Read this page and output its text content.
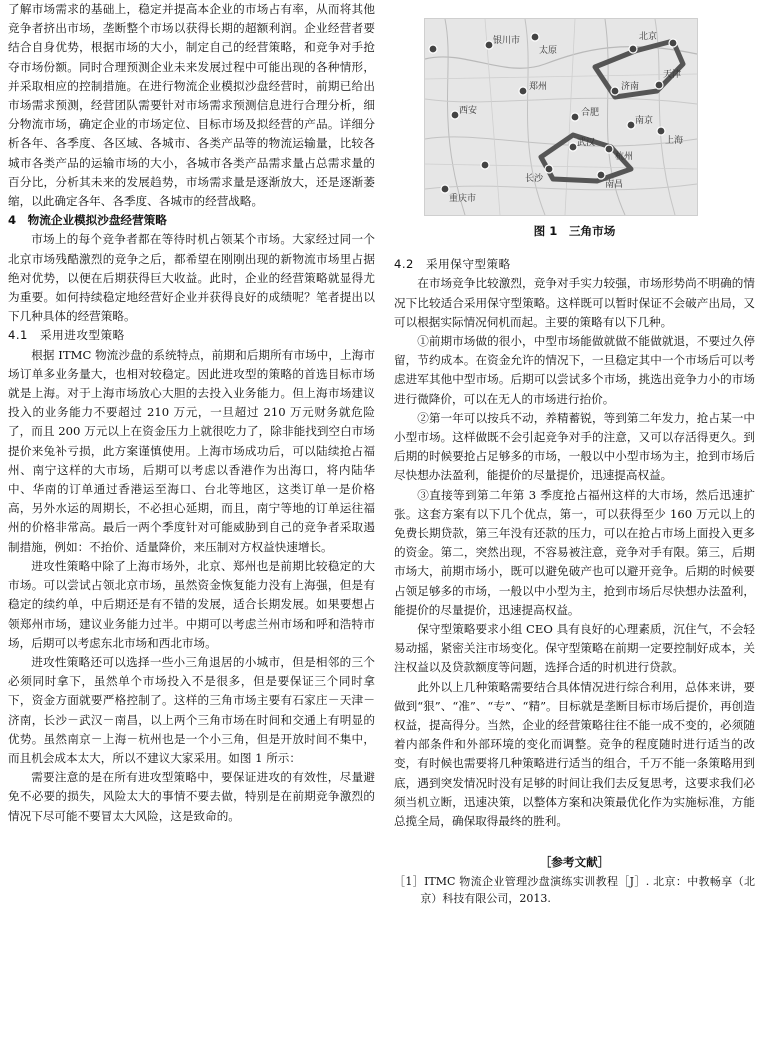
了解市场需求的基础上，稳定并提高本企业的市场占有率，从而将其他竞争者挤出市场，垄断整个市场以获得长期的超额利润。企业经营者要结合自身优势，根据市场的大小，制定自己的经营策略，和竞争对手抢夺市场份额。同时合理预测企业未来发展过程中可能出现的各种情形，并采取相应的控制措施。在进行物流企业模拟沙盘经营时，前期已给出市场需求预测，经营团队需要针对市场需求预测信息进行合理分析，细分物流市场，确定企业的市场定位、目标市场及拟经营的产品。详细分析各年、各季度、各区域、各城市、各类产品等的物流运输量，比较各城市各类产品的运输市场的大小，各城市各类产品需求量占总需求量的百分比，分析其未来的发展趋势，市场需求量是逐渐放大，还是逐渐萎缩，以此确定各年、各季度、各城市的经营战略。

4　物流企业模拟沙盘经营策略

市场上的每个竞争者都在等待时机占领某个市场。大家经过同一个北京市场残酷激烈的竞争之后，都希望在刚刚出现的新物流市场里占据绝对优势，以便在后期获得巨大收益。此时，企业的经营策略就显得尤为重要。如何持续稳定地经营好企业并获得良好的成绩呢？笔者提出以下几种具体的经营策略。

4.1　采用进攻型策略

根据 ITMC 物流沙盘的系统特点，前期和后期所有市场中，上海市场订单多业务量大，也相对较稳定。因此进攻型的策略的首选目标市场就是上海。对于上海市场放心大胆的去投入业务能力。但上海市场建议投入的业务能力不要超过 210 万元，一旦超过 210 万元财务就危险了，而且 200 万元以上在资金压力上就很吃力了，除非能找到空白市场提价来兔补亏损，此方案谨慎使用。上海市场成功后，可以陆续抢占福州、南宁这样的大市场，后期可以考虑以香港作为出海口，将内陆华中、华南的订单通过香港运至海口、台北等地区，这类订单一是价格高，另外水运的周期长，不必担心延期，而且，南宁等地的订单运往福州的价格非常高。最后一两个季度针对可能威胁到自己的竞争者采取遏制措施，例如：不抬价、适量降价，来压制对方权益快速增长。

进攻性策略中除了上海市场外，北京、郑州也是前期比较稳定的大市场。可以尝试占领北京市场，虽然资金恢复能力没有上海强，但是有稳定的续约单，中后期还是有不错的发展，适合长期发展。如果要想占领郑州市场，建议业务能力过半。中期可以考虑兰州市场和呼和浩特市场，后期可以考虑东北市场和西北市场。

进攻性策略还可以选择一些小三角退居的小城市，但是相邻的三个必须同时拿下，虽然单个市场投入不是很多，但是要保证三个同时拿下，资金方面就要严格控制了。这样的三角市场主要有石家庄－天津－济南，长沙－武汉－南昌，以上两个三角市场在时间和交通上有明显的优势。虽然南京－上海－杭州也是一个小三角，但是开放时间不集中，而且机会成本太大，所以不建议大家采用。如图 1 所示：

需要注意的是在所有进攻型策略中，要保证进攻的有效性，尽量避免不必要的损失，风险太大的事情不要去做，特别是在前期竞争激烈的情况下尽可能不要冒太大风险，这是致命的。

银川市
太原
北京
天津
郑州	济南
西安	合肥
南京
上海
武汉
杭州
长沙
南昌
重庆市

图 1　三角市场

4.2　采用保守型策略

在市场竞争比较激烈，竞争对手实力较强，市场形势尚不明确的情况下比较适合采用保守型策略。这样既可以暂时保证不会破产出局，又可以根据实际情况伺机而起。主要的策略有以下几种。

①前期市场做的很小，中型市场能做就做不能做就退，不要过久停留，节约成本。在资金允许的情况下，一旦稳定其中一个市场后可以考虑进军其他中型市场。后期可以尝试多个市场，挑选出竞争力小的市场进行微降价，可以在无人的市场进行抬价。

②第一年可以按兵不动，养精蓄锐，等到第二年发力，抢占某一中小型市场。这样做既不会引起竞争对手的注意，又可以存活得更久。到后期的时候要抢占足够多的市场，一般以中小型市场为主，抢到市场后尽快想办法盈利，能提价的尽量提价，迅速提高权益。

③直接等到第二年第 3 季度抢占福州这样的大市场，然后迅速扩张。这套方案有以下几个优点，第一，可以获得至少 160 万元以上的免费长期贷款，第三年没有还款的压力，可以在抢占市场上面投入更多的资金。第二，突然出现，不容易被注意，竞争对手有限。第三，后期市场大，前期市场小，既可以避免破产也可以避开竞争。后期的时候要占领足够多的市场，一般以中小型为主，抢到市场后尽快想办法盈利，能提价的尽量提价，迅速提高权益。

保守型策略要求小组 CEO 具有良好的心理素质，沉住气，不会轻易动摇，紧密关注市场变化。保守型策略在前期一定要控制好成本，关注权益以及贷款额度等问题，选择合适的时机进行贷款。

此外以上几种策略需要结合具体情况进行综合利用，总体来讲，要做到“狠”、“准”、“专”、“精”。目标就是垄断目标市场后提价，再创造权益，提高得分。当然，企业的经营策略往往不能一成不变的，必须随着内部条件和外部环境的变化而调整。竞争的程度随时进行适当的改变，有时候也需要将几种策略进行适当的组合，千万不能一条策略用到底，遇到突发情况时没有足够的时间让我们去反复思考，这要求我们必须当机立断，迅速决策，以整体方案和决策最优化作为实施标准，方能总揽全局，确保取得最终的胜利。

［参考文献］

［1］ITMC 物流企业管理沙盘演练实训教程［J］. 北京：中教畅享（北京）科技有限公司，2013.
